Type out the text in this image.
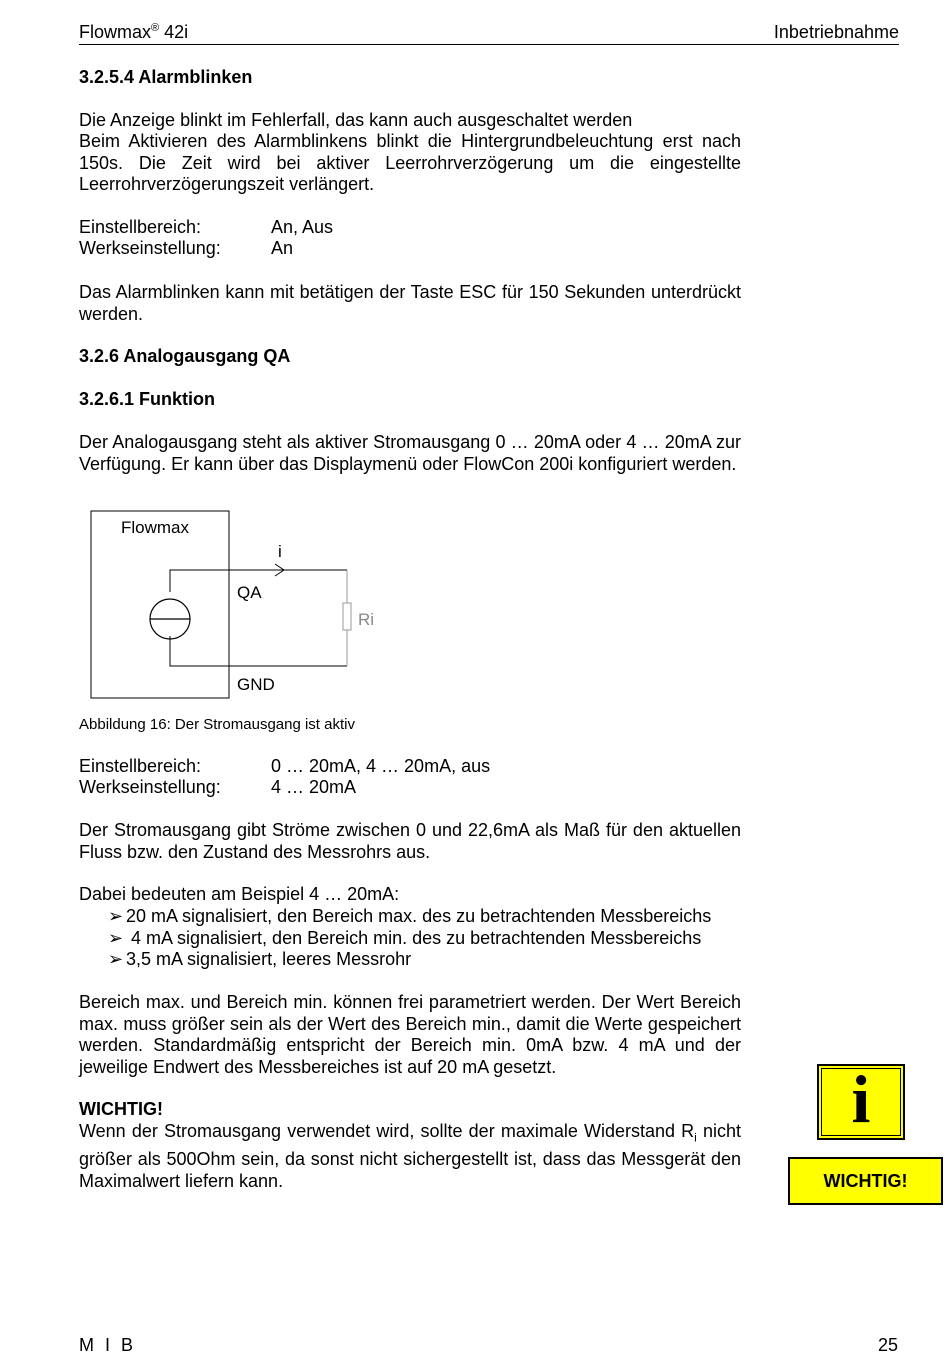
Flowmax® 42i	Inbetriebnahme
3.2.5.4 Alarmblinken
Die Anzeige blinkt im Fehlerfall, das kann auch ausgeschaltet werden
Beim Aktivieren des Alarmblinkens blinkt die Hintergrundbeleuchtung erst nach 150s. Die Zeit wird bei aktiver Leerrohrverzögerung um die eingestellte Leerrohrverzögerungszeit verlängert.
Einstellbereich:	An, Aus
Werkseinstellung:	An
Das Alarmblinken kann mit betätigen der Taste ESC für 150 Sekunden unterdrückt werden.
3.2.6 Analogausgang QA
3.2.6.1 Funktion
Der Analogausgang steht als aktiver Stromausgang 0 … 20mA oder 4 … 20mA zur Verfügung. Er kann über das Displaymenü oder FlowCon 200i konfiguriert werden.
Flowmax
i
QA
Ri
GND
Abbildung 16: Der Stromausgang ist aktiv
Einstellbereich:	0 … 20mA, 4 … 20mA, aus
Werkseinstellung:	4 … 20mA
Der Stromausgang gibt Ströme zwischen 0 und 22,6mA als Maß für den aktuellen Fluss bzw. den Zustand des Messrohrs aus.
Dabei bedeuten am Beispiel 4 … 20mA:
➢ 20 mA signalisiert, den Bereich max. des zu betrachtenden Messbereichs
➢ 4 mA signalisiert, den Bereich min. des zu betrachtenden Messbereichs
➢ 3,5 mA signalisiert, leeres Messrohr
Bereich max. und Bereich min. können frei parametriert werden. Der Wert Bereich max. muss größer sein als der Wert des Bereich min., damit die Werte gespeichert werden. Standardmäßig entspricht der Bereich min. 0mA bzw. 4 mA und der jeweilige Endwert des Messbereiches ist auf 20 mA gesetzt.
WICHTIG!
Wenn der Stromausgang verwendet wird, sollte der maximale Widerstand $R_i$ nicht größer als 500Ohm sein, da sonst nicht sichergestellt ist, dass das Messgerät den Maximalwert liefern kann.
i
WICHTIG!
M I B	25
